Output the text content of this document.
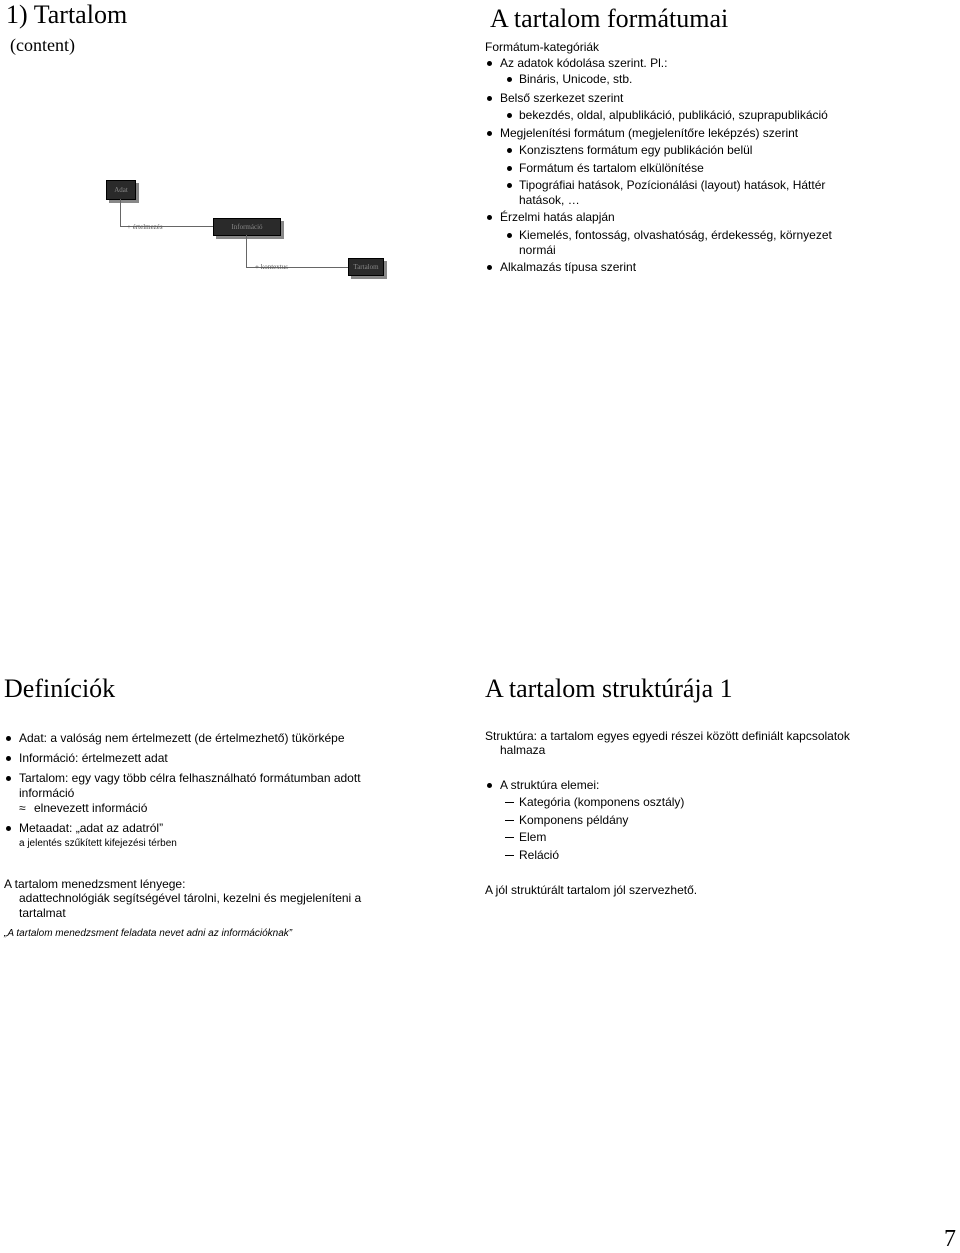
1) Tartalom
(content)
Adat
+ értelmezés	Információ
+ kontextus	Tartalom
A tartalom formátumai
Formátum-kategóriák
Az adatok kódolása szerint. Pl.:
Bináris, Unicode, stb.
Belső szerkezet szerint
bekezdés, oldal, alpublikáció, publikáció, szuprapublikáció
Megjelenítési formátum (megjelenítőre leképzés) szerint
Konzisztens formátum egy publikáción belül
Formátum és tartalom elkülönítése
Tipográfiai hatások, Pozícionálási (layout) hatások, Háttér
hatások, …
Érzelmi hatás alapján
Kiemelés, fontosság, olvashatóság, érdekesség, környezet
normái
Alkalmazás típusa szerint
Definíciók
Adat: a valóság nem értelmezett (de értelmezhető) tükörképe
Információ: értelmezett adat
Tartalom: egy vagy több célra felhasználható formátumban adott
információ
≈ elnevezett információ
Metaadat: „adat az adatról”
a jelentés szűkített kifejezési térben
A tartalom menedzsment lényege:
adattechnológiák segítségével tárolni, kezelni és megjeleníteni a
tartalmat
„A tartalom menedzsment feladata nevet adni az információknak”
A tartalom struktúrája 1
Struktúra: a tartalom egyes egyedi részei között definiált kapcsolatok
halmaza
A struktúra elemei:
Kategória (komponens osztály)
Komponens példány
Elem
Reláció
A jól struktúrált tartalom jól szervezhető.
7
